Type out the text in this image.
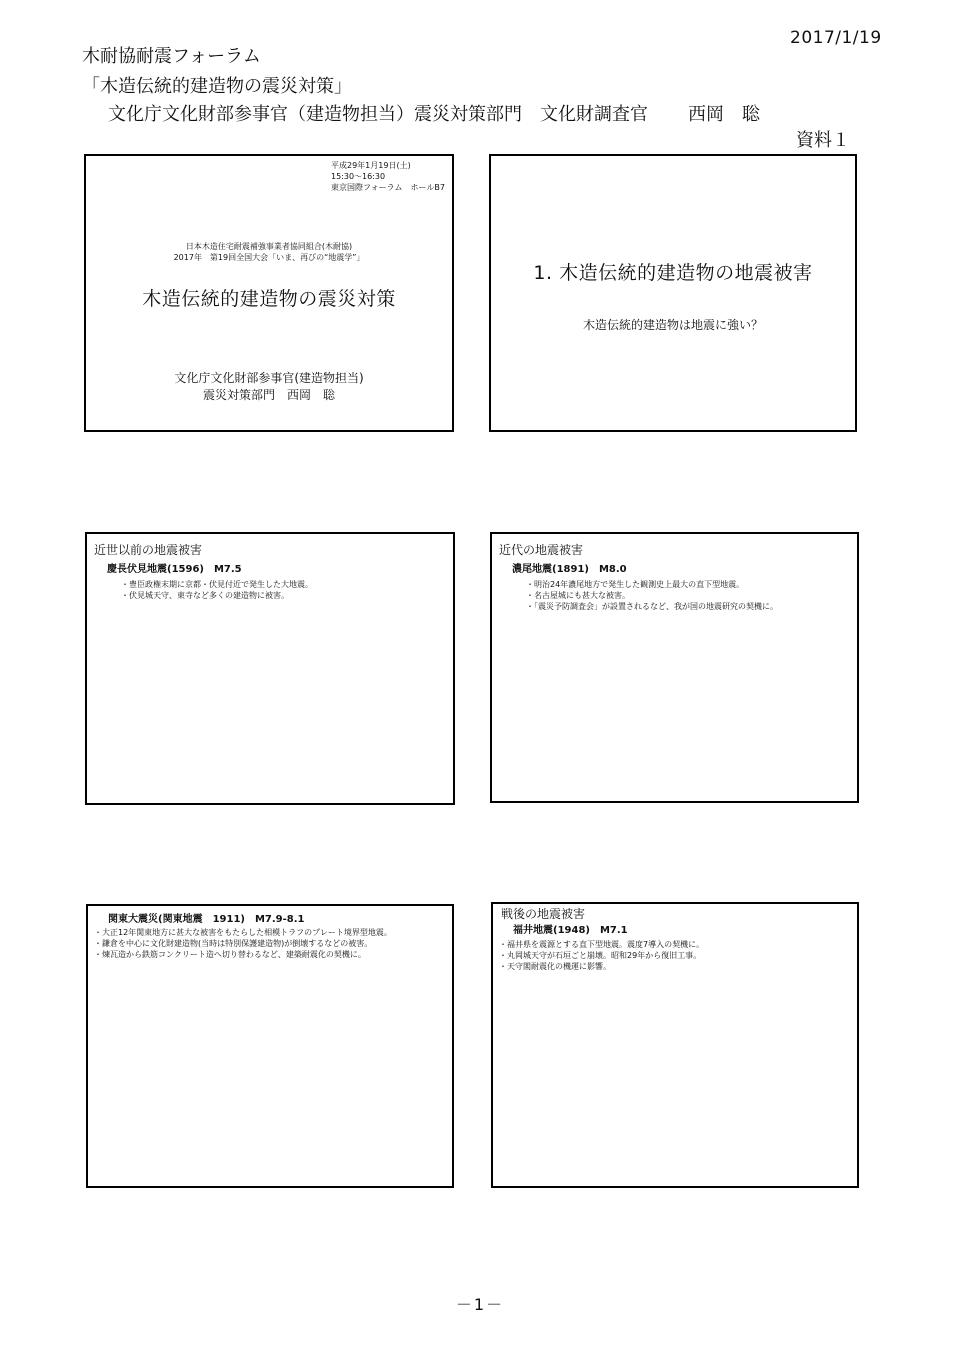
2017/1/19
木耐協耐震フォーラム
「木造伝統的建造物の震災対策」
文化庁文化財部参事官（建造物担当）震災対策部門　文化財調査官 西岡　聡
資料１
平成29年1月19日(土)
15:30～16:30
東京国際フォーラム　ホールB7
日本木造住宅耐震補強事業者協同組合(木耐協)
2017年　第19回全国大会「いま、再びの“地震学”」
木造伝統的建造物の震災対策
文化庁文化財部参事官(建造物担当)
震災対策部門　西岡　聡
1. 木造伝統的建造物の地震被害
木造伝統的建造物は地震に強い？
近世以前の地震被害
慶長伏見地震(1596)　M7.5
・ 豊臣政権末期に京都・伏見付近で発生した大地震。
・ 伏見城天守、東寺など多くの建造物に被害。
近代の地震被害
濃尾地震(1891)　M8.0
・ 明治24年濃尾地方で発生した観測史上最大の直下型地震。
・ 名古屋城にも甚大な被害。
・ 「震災予防調査会」が設置されるなど、我が国の地震研究の契機に。
関東大震災(関東地震　1911)　M7.9-8.1
・ 大正12年関東地方に甚大な被害をもたらした相模トラフのプレート境界型地震。
・ 鎌倉を中心に文化財建造物(当時は特別保護建造物)が倒壊するなどの被害。
・ 煉瓦造から鉄筋コンクリート造へ切り替わるなど、建築耐震化の契機に。
戦後の地震被害
福井地震(1948)　M7.1
・ 福井県を震源とする直下型地震。震度7導入の契機に。
・ 丸岡城天守が石垣ごと崩壊。昭和29年から復旧工事。
・ 天守閣耐震化の機運に影響。
－1－
